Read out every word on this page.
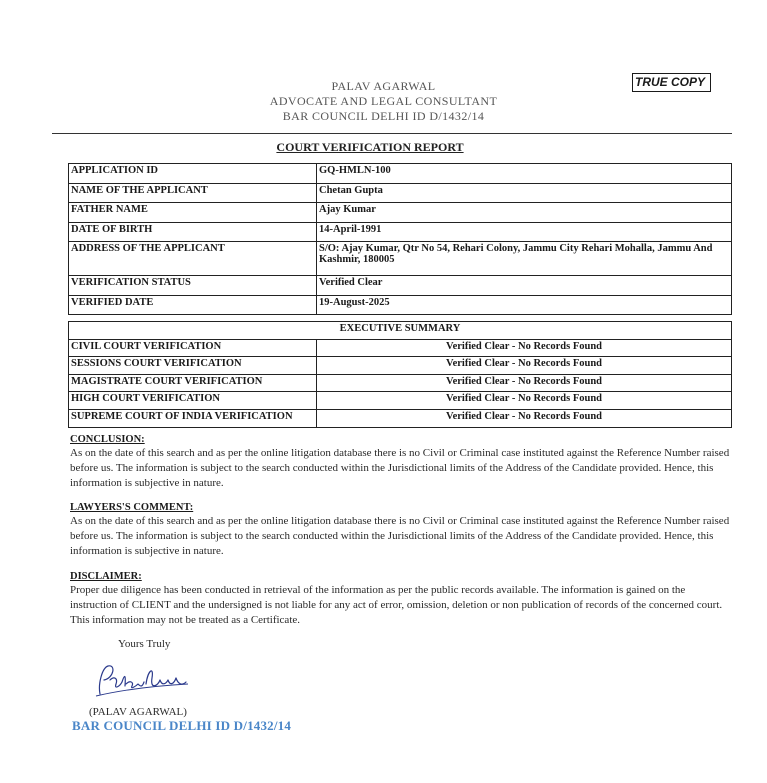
PALAV AGARWAL
ADVOCATE AND LEGAL CONSULTANT
BAR COUNCIL DELHI ID D/1432/14
TRUE COPY
COURT VERIFICATION REPORT
APPLICATION ID	GQ-HMLN-100
NAME OF THE APPLICANT	Chetan Gupta
FATHER NAME	Ajay Kumar
DATE OF BIRTH	14-April-1991
ADDRESS OF THE APPLICANT	S/O: Ajay Kumar, Qtr No 54, Rehari Colony, Jammu City Rehari Mohalla, Jammu And Kashmir, 180005
VERIFICATION STATUS	Verified Clear
VERIFIED DATE	19-August-2025
EXECUTIVE SUMMARY	
CIVIL COURT VERIFICATION	Verified Clear - No Records Found
SESSIONS COURT VERIFICATION	Verified Clear - No Records Found
MAGISTRATE COURT VERIFICATION	Verified Clear - No Records Found
HIGH COURT VERIFICATION	Verified Clear - No Records Found
SUPREME COURT OF INDIA VERIFICATION	Verified Clear - No Records Found
CONCLUSION:
As on the date of this search and as per the online litigation database there is no Civil or Criminal case instituted against the Reference Number raised before us. The information is subject to the search conducted within the Jurisdictional limits of the Address of the Candidate provided. Hence, this information is subjective in nature.
LAWYERS'S COMMENT:
As on the date of this search and as per the online litigation database there is no Civil or Criminal case instituted against the Reference Number raised before us. The information is subject to the search conducted within the Jurisdictional limits of the Address of the Candidate provided. Hence, this information is subjective in nature.
DISCLAIMER:
Proper due diligence has been conducted in retrieval of the information as per the public records available. The information is gained on the instruction of CLIENT and the undersigned is not liable for any act of error, omission, deletion or non publication of records of the concerned court. This information may not be treated as a Certificate.
Yours Truly
(PALAV AGARWAL)
BAR COUNCIL DELHI ID D/1432/14
